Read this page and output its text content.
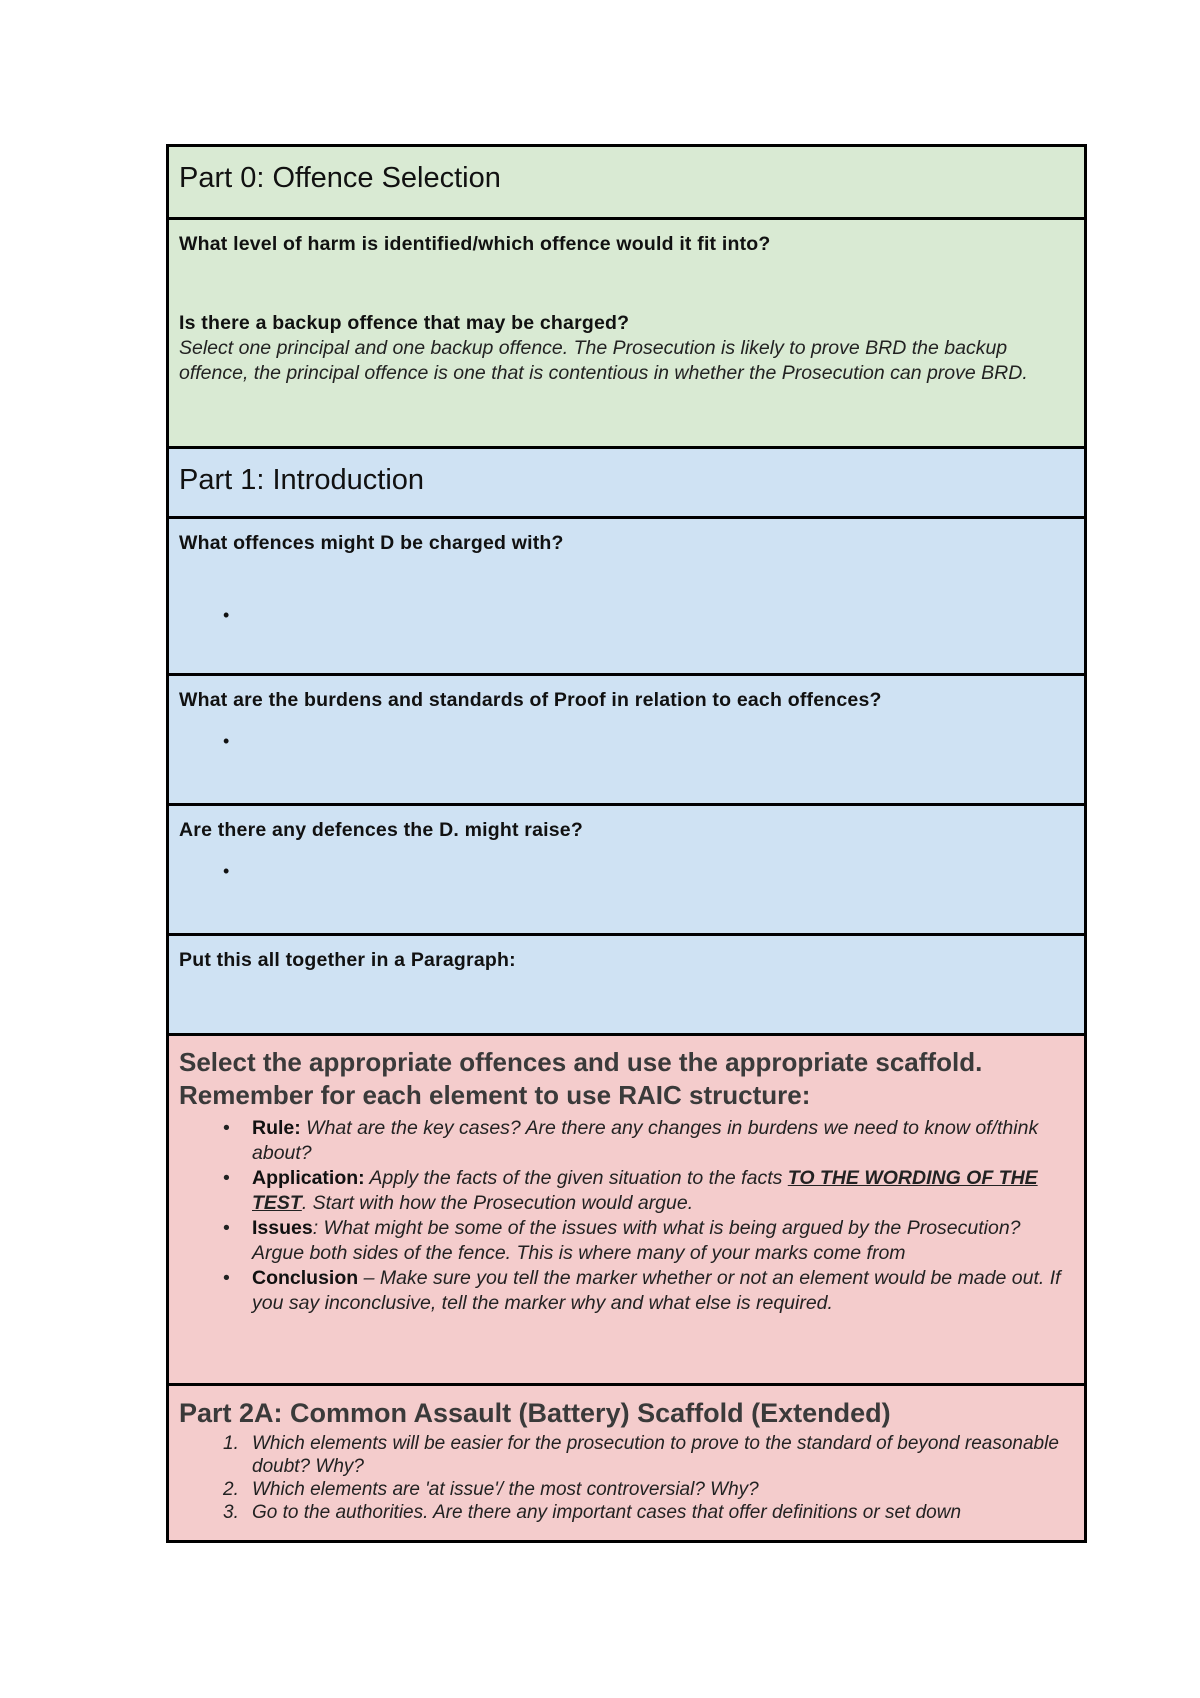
Part 0: Offence Selection

What level of harm is identified/which offence would it fit into?

Is there a backup offence that may be charged?

Select one principal and one backup offence. The Prosecution is likely to prove BRD the backup offence, the principal offence is one that is contentious in whether the Prosecution can prove BRD.

Part 1: Introduction

What offences might D be charged with?

•

What are the burdens and standards of Proof in relation to each offences?

•

Are there any defences the D. might raise?

•

Put this all together in a Paragraph:

Select the appropriate offences and use the appropriate scaffold. Remember for each element to use RAIC structure:

• Rule: What are the key cases? Are there any changes in burdens we need to know of/think about?
• Application: Apply the facts of the given situation to the facts TO THE WORDING OF THE TEST. Start with how the Prosecution would argue.
• Issues: What might be some of the issues with what is being argued by the Prosecution? Argue both sides of the fence. This is where many of your marks come from
• Conclusion – Make sure you tell the marker whether or not an element would be made out. If you say inconclusive, tell the marker why and what else is required.

Part 2A: Common Assault (Battery) Scaffold (Extended)

1. Which elements will be easier for the prosecution to prove to the standard of beyond reasonable doubt? Why?
2. Which elements are 'at issue'/ the most controversial? Why?
3. Go to the authorities. Are there any important cases that offer definitions or set down
